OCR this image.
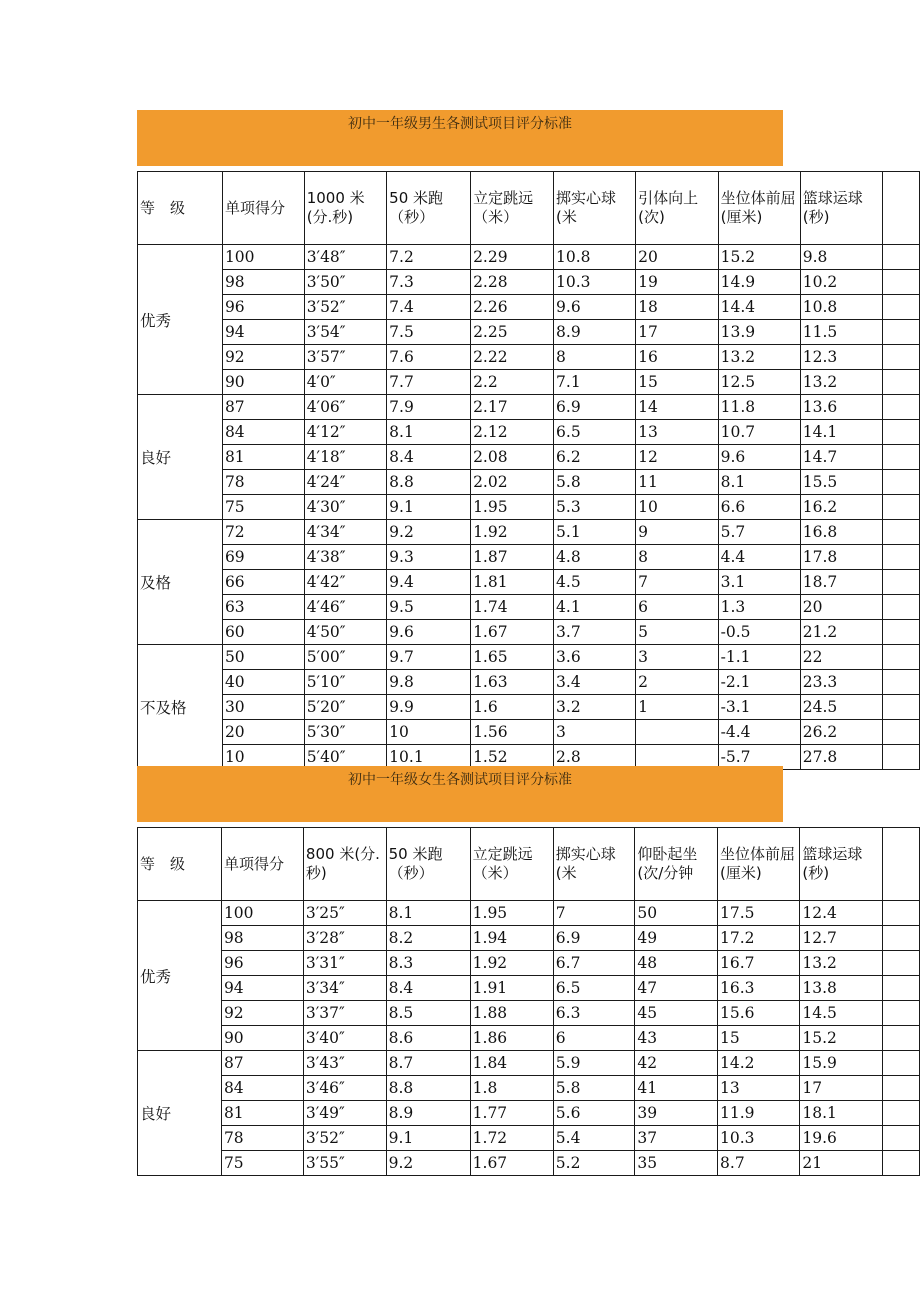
初中一年级男生各测试项目评分标准
等　级	单项得分	1000 米(分.秒)	50 米跑（秒）	立定跳远（米）	掷实心球(米	引体向上(次)	坐位体前屈(厘米)	篮球运球(秒)	
优秀	100	3′48″	7.2	2.29	10.8	20	15.2	9.8	
	98	3′50″	7.3	2.28	10.3	19	14.9	10.2	
	96	3′52″	7.4	2.26	9.6	18	14.4	10.8	
	94	3′54″	7.5	2.25	8.9	17	13.9	11.5	
	92	3′57″	7.6	2.22	8	16	13.2	12.3	
	90	4′0″	7.7	2.2	7.1	15	12.5	13.2	
良好	87	4′06″	7.9	2.17	6.9	14	11.8	13.6	
	84	4′12″	8.1	2.12	6.5	13	10.7	14.1	
	81	4′18″	8.4	2.08	6.2	12	9.6	14.7	
	78	4′24″	8.8	2.02	5.8	11	8.1	15.5	
	75	4′30″	9.1	1.95	5.3	10	6.6	16.2	
及格	72	4′34″	9.2	1.92	5.1	9	5.7	16.8	
	69	4′38″	9.3	1.87	4.8	8	4.4	17.8	
	66	4′42″	9.4	1.81	4.5	7	3.1	18.7	
	63	4′46″	9.5	1.74	4.1	6	1.3	20	
	60	4′50″	9.6	1.67	3.7	5	-0.5	21.2	
不及格	50	5′00″	9.7	1.65	3.6	3	-1.1	22	
	40	5′10″	9.8	1.63	3.4	2	-2.1	23.3	
	30	5′20″	9.9	1.6	3.2	1	-3.1	24.5	
	20	5′30″	10	1.56	3		-4.4	26.2	
	10	5′40″	10.1	1.52	2.8		-5.7	27.8	
初中一年级女生各测试项目评分标准
等　级	单项得分	800 米(分.秒)	50 米跑（秒）	立定跳远（米）	掷实心球(米	仰卧起坐(次/分钟	坐位体前屈(厘米)	篮球运球(秒)	
优秀	100	3′25″	8.1	1.95	7	50	17.5	12.4	
	98	3′28″	8.2	1.94	6.9	49	17.2	12.7	
	96	3′31″	8.3	1.92	6.7	48	16.7	13.2	
	94	3′34″	8.4	1.91	6.5	47	16.3	13.8	
	92	3′37″	8.5	1.88	6.3	45	15.6	14.5	
	90	3′40″	8.6	1.86	6	43	15	15.2	
良好	87	3′43″	8.7	1.84	5.9	42	14.2	15.9	
	84	3′46″	8.8	1.8	5.8	41	13	17	
	81	3′49″	8.9	1.77	5.6	39	11.9	18.1	
	78	3′52″	9.1	1.72	5.4	37	10.3	19.6	
	75	3′55″	9.2	1.67	5.2	35	8.7	21	
